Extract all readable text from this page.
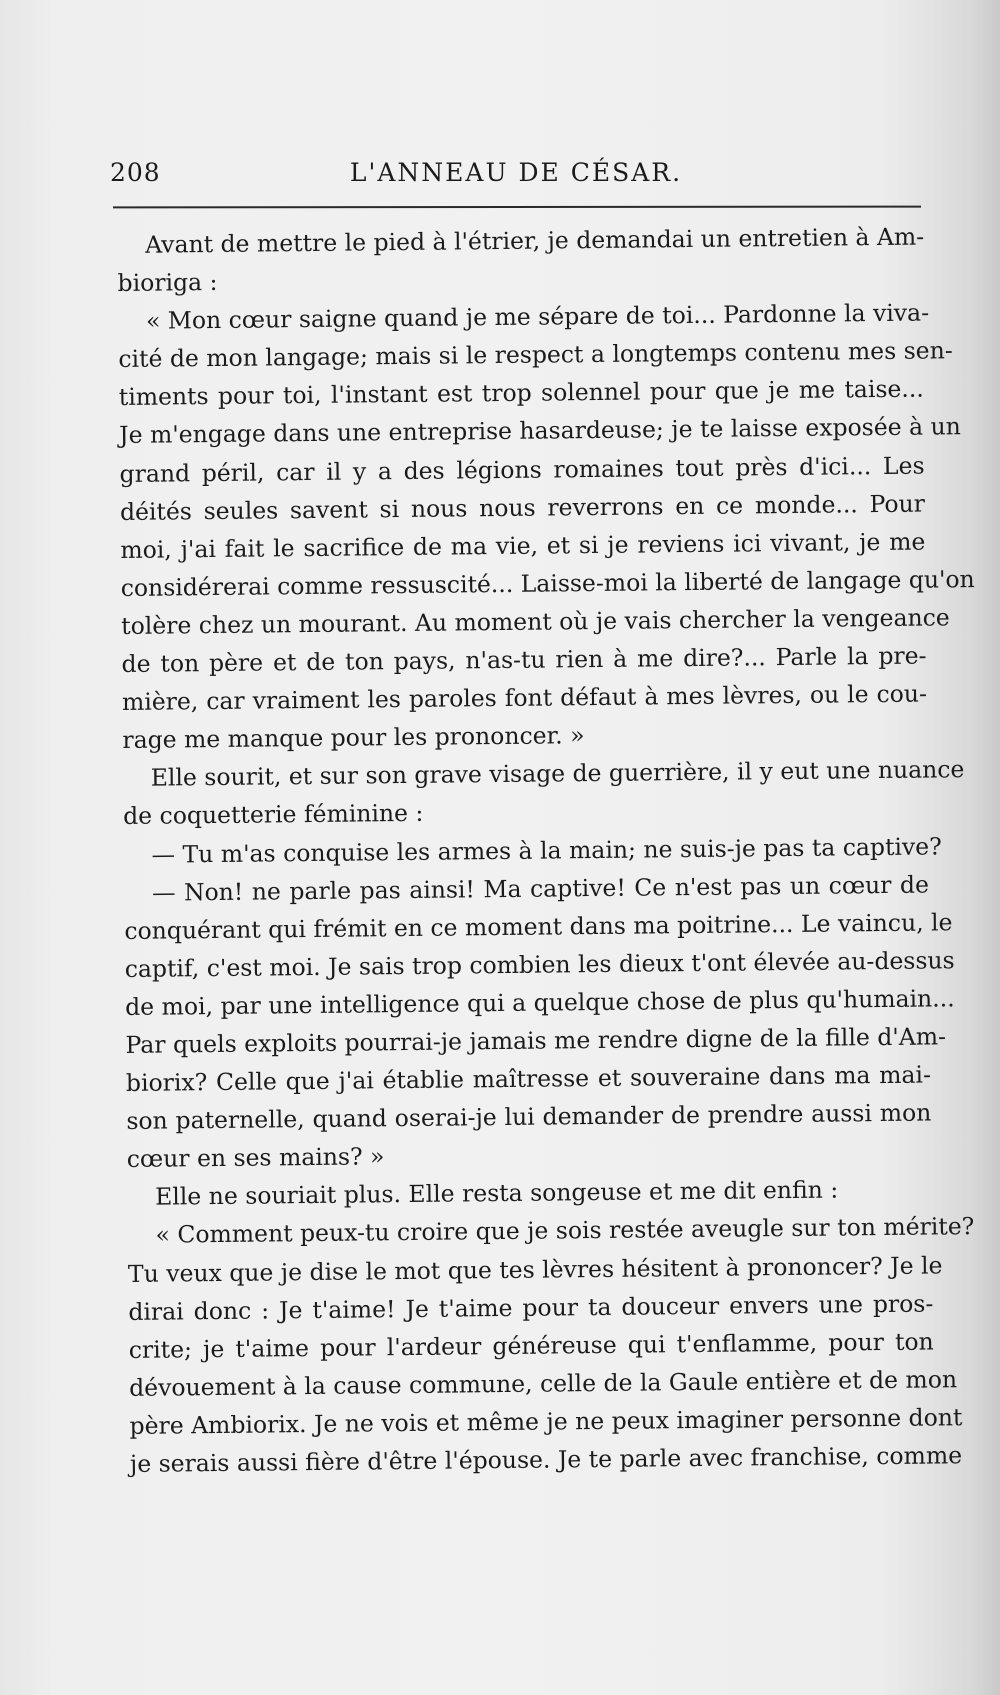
208	L'ANNEAU DE CÉSAR.
Avant de mettre le pied à l'étrier, je demandai un entretien à Am-
biorigа :
« Mon cœur saigne quand je me sépare de toi... Pardonne la viva-
cité de mon langage; mais si le respect a longtemps contenu mes sen-
timents pour toi, l'instant est trop solennel pour que je me taise...
Je m'engage dans une entreprise hasardeuse; je te laisse exposée à un
grand péril, car il y a des légions romaines tout près d'ici... Les
déités seules savent si nous nous reverrons en ce monde... Pour
moi, j'ai fait le sacrifice de ma vie, et si je reviens ici vivant, je me
considérerai comme ressuscité... Laisse-moi la liberté de langage qu'on
tolère chez un mourant. Au moment où je vais chercher la vengeance
de ton père et de ton pays, n'as-tu rien à me dire?... Parle la pre-
mière, car vraiment les paroles font défaut à mes lèvres, ou le cou-
rage me manque pour les prononcer. »
Elle sourit, et sur son grave visage de guerrière, il y eut une nuance
de coquetterie féminine :
— Tu m'as conquise les armes à la main; ne suis-je pas ta captive?
— Non! ne parle pas ainsi! Ma captive! Ce n'est pas un cœur de
conquérant qui frémit en ce moment dans ma poitrine... Le vaincu, le
captif, c'est moi. Je sais trop combien les dieux t'ont élevée au-dessus
de moi, par une intelligence qui a quelque chose de plus qu'humain...
Par quels exploits pourrai-je jamais me rendre digne de la fille d'Am-
biorix? Celle que j'ai établie maîtresse et souveraine dans ma mai-
son paternelle, quand oserai-je lui demander de prendre aussi mon
cœur en ses mains? »
Elle ne souriait plus. Elle resta songeuse et me dit enfin :
« Comment peux-tu croire que je sois restée aveugle sur ton mérite?
Tu veux que je dise le mot que tes lèvres hésitent à prononcer? Je le
dirai donc : Je t'aime! Je t'aime pour ta douceur envers une pros-
crite; je t'aime pour l'ardeur généreuse qui t'enflamme, pour ton
dévouement à la cause commune, celle de la Gaule entière et de mon
père Ambiorix. Je ne vois et même je ne peux imaginer personne dont
je serais aussi fière d'être l'épouse. Je te parle avec franchise, comme
